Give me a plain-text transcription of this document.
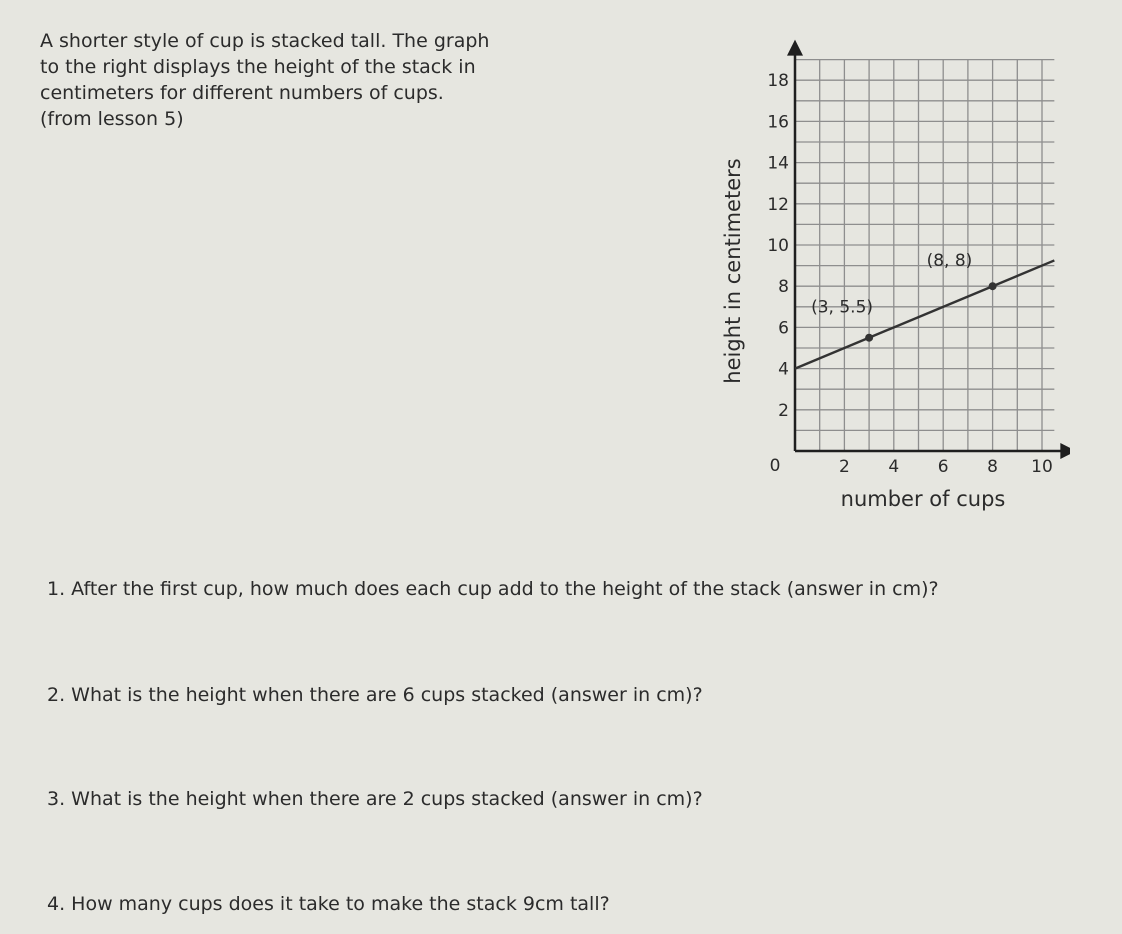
A shorter style of cup is stacked tall. The graph
to the right displays the height of the stack in
centimeters for different numbers of cups.
(from lesson 5)
(3, 5.5)
(8, 8)
2
4
6
8
10
12
14
16
18
2 4 6 8 10
0
number of cups
height in centimeters

1. After the first cup, how much does each cup add to the height of the stack (answer in cm)?

2. What is the height when there are 6 cups stacked (answer in cm)?

3. What is the height when there are 2 cups stacked (answer in cm)?

4. How many cups does it take to make the stack 9cm tall?
